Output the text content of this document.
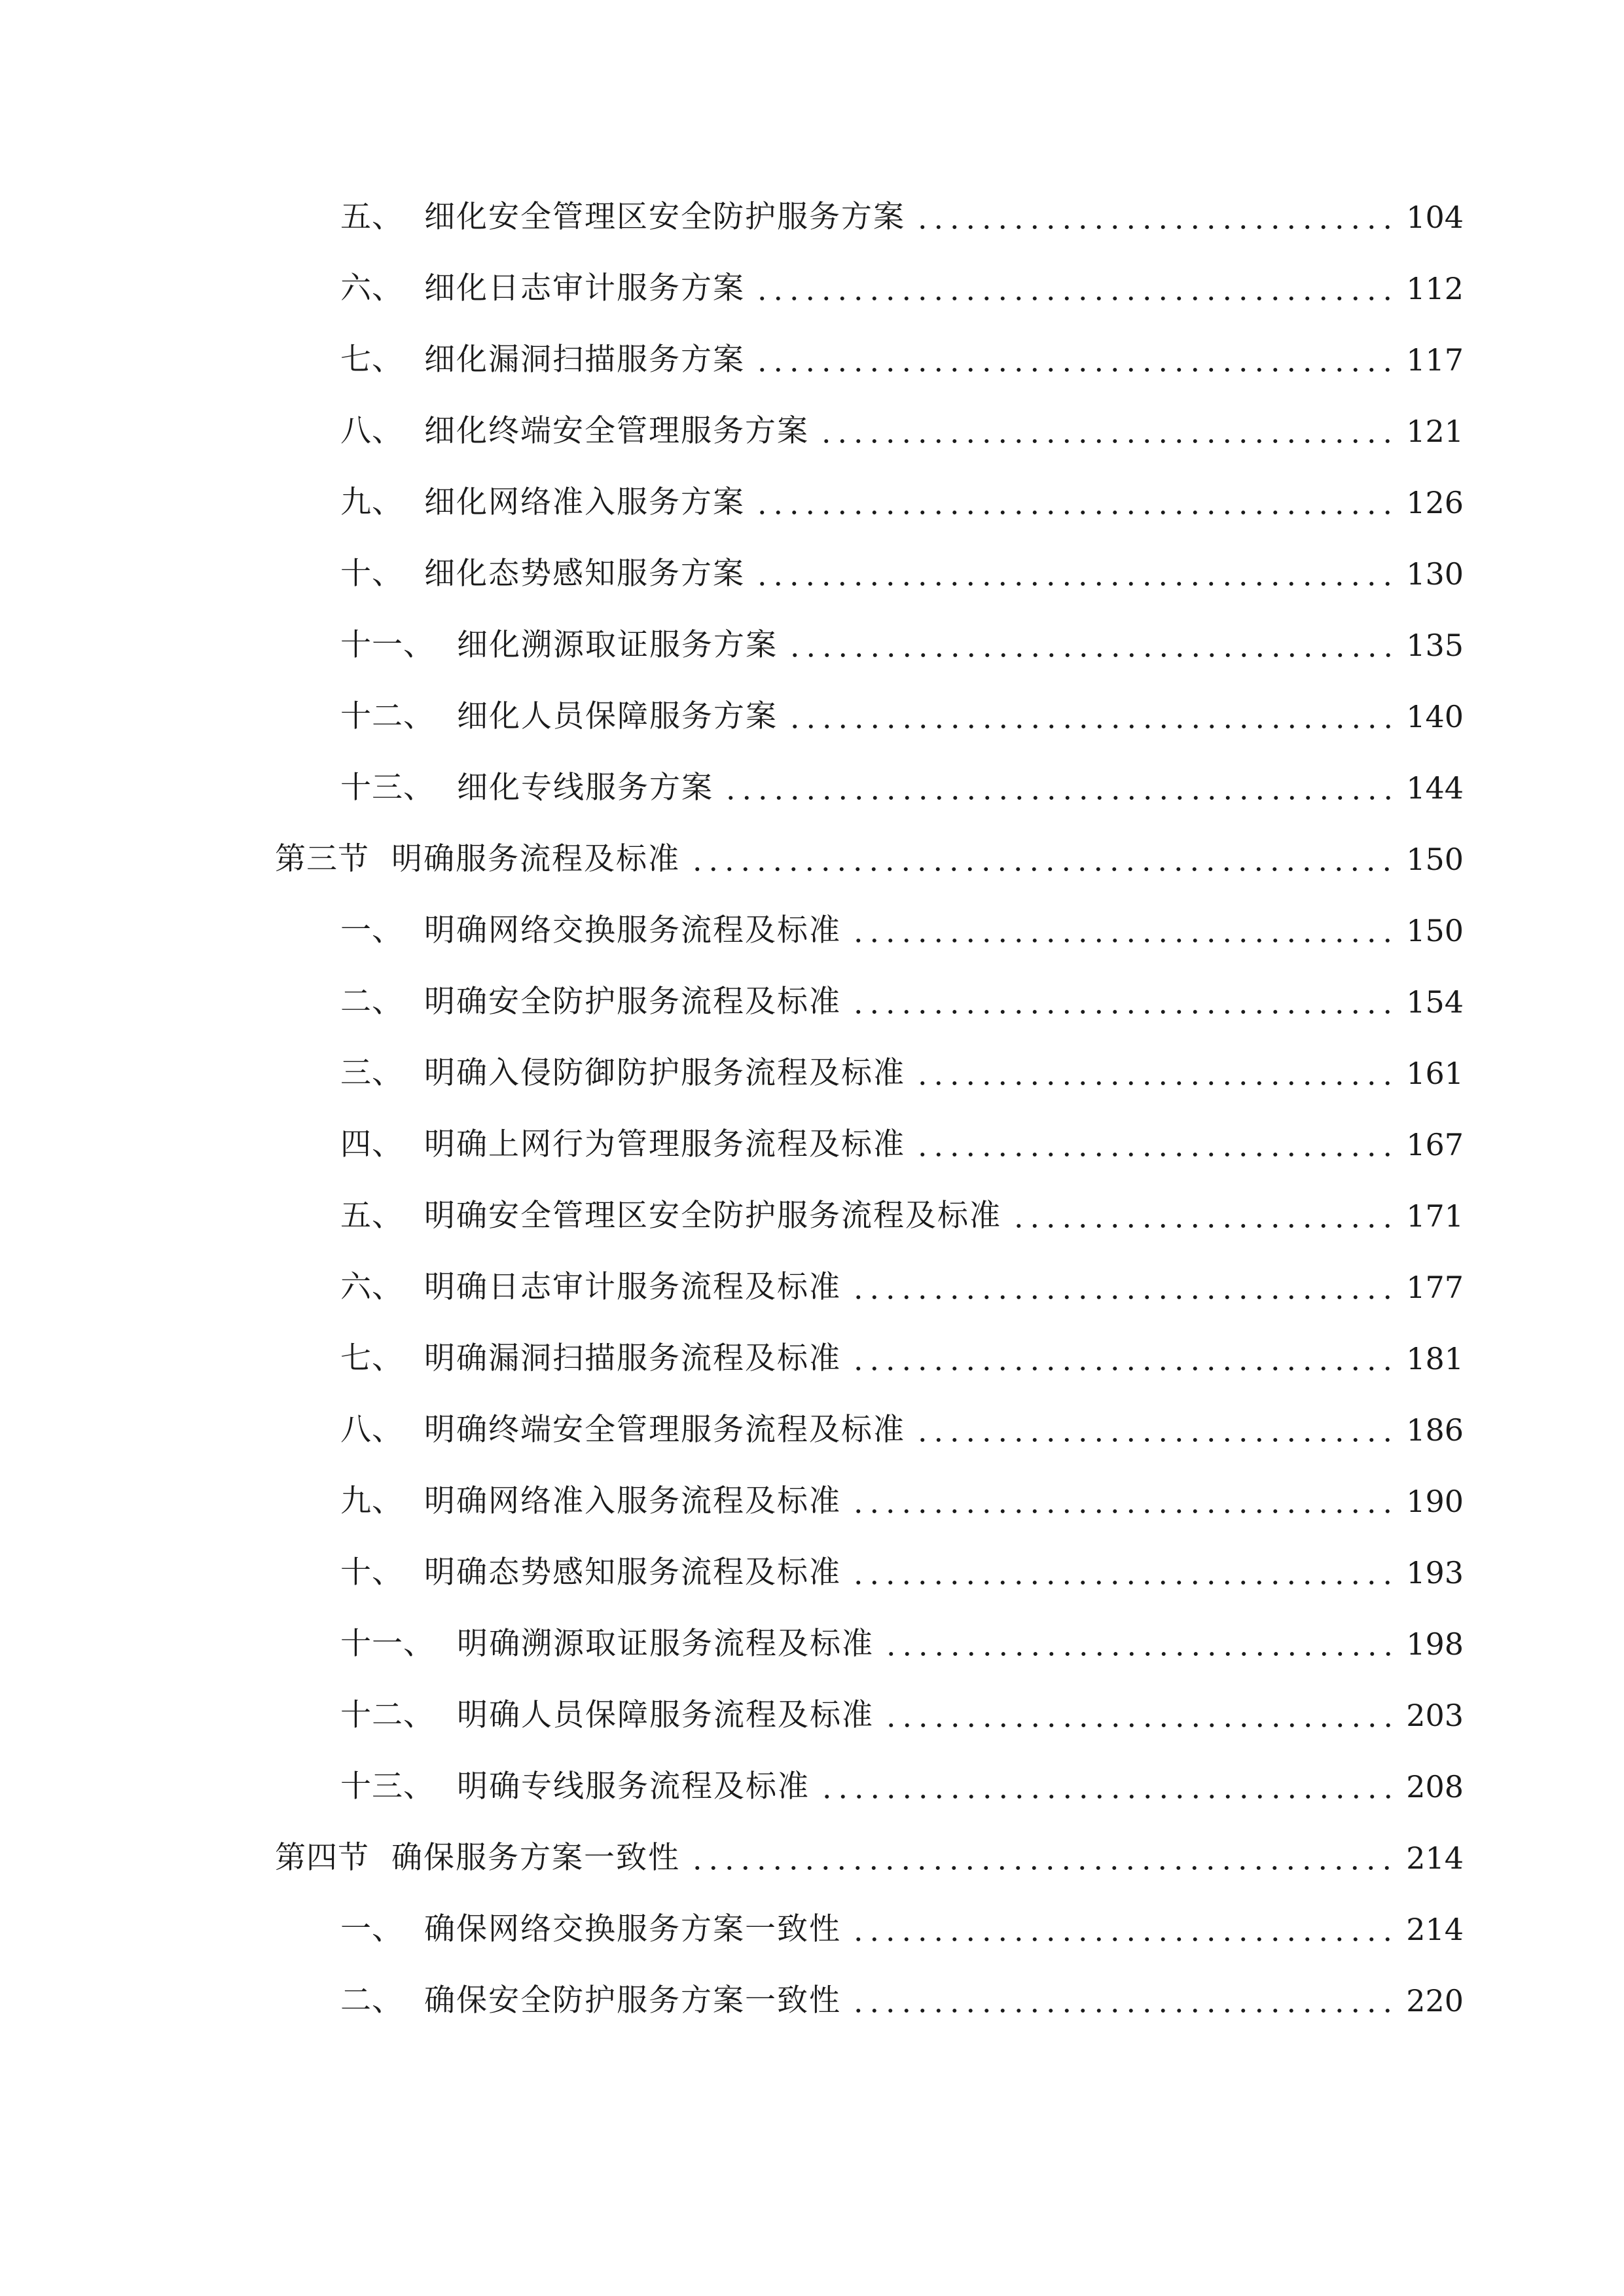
五、 细化安全管理区安全防护服务方案	104
六、 细化日志审计服务方案	112
七、 细化漏洞扫描服务方案	117
八、 细化终端安全管理服务方案	121
九、 细化网络准入服务方案	126
十、 细化态势感知服务方案	130
十一、 细化溯源取证服务方案	135
十二、 细化人员保障服务方案	140
十三、 细化专线服务方案	144
第三节 明确服务流程及标准	150
一、 明确网络交换服务流程及标准	150
二、 明确安全防护服务流程及标准	154
三、 明确入侵防御防护服务流程及标准	161
四、 明确上网行为管理服务流程及标准	167
五、 明确安全管理区安全防护服务流程及标准	171
六、 明确日志审计服务流程及标准	177
七、 明确漏洞扫描服务流程及标准	181
八、 明确终端安全管理服务流程及标准	186
九、 明确网络准入服务流程及标准	190
十、 明确态势感知服务流程及标准	193
十一、 明确溯源取证服务流程及标准	198
十二、 明确人员保障服务流程及标准	203
十三、 明确专线服务流程及标准	208
第四节 确保服务方案一致性	214
一、 确保网络交换服务方案一致性	214
二、 确保安全防护服务方案一致性	220
